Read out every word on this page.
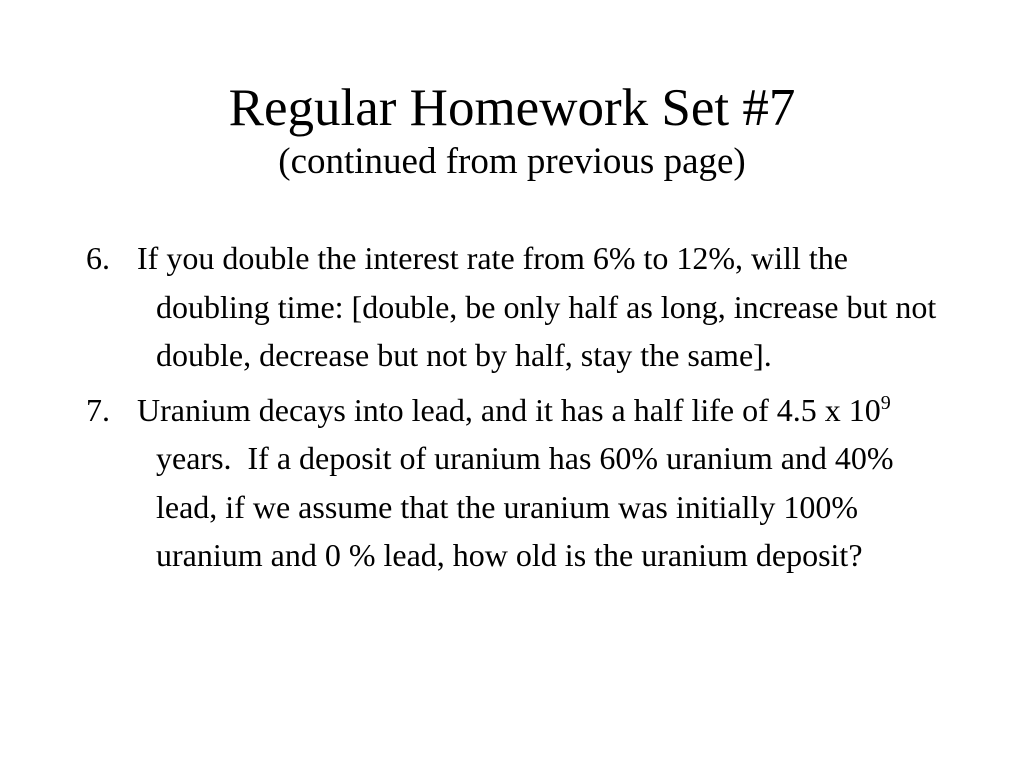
Regular Homework Set #7
(continued from previous page)
6. If you double the interest rate from 6% to 12%, will the doubling time: [double, be only half as long, increase but not double, decrease but not by half, stay the same].
7. Uranium decays into lead, and it has a half life of 4.5 x $10^9$ years.  If a deposit of uranium has 60% uranium and 40% lead, if we assume that the uranium was initially 100% uranium and 0 % lead, how old is the uranium deposit?
